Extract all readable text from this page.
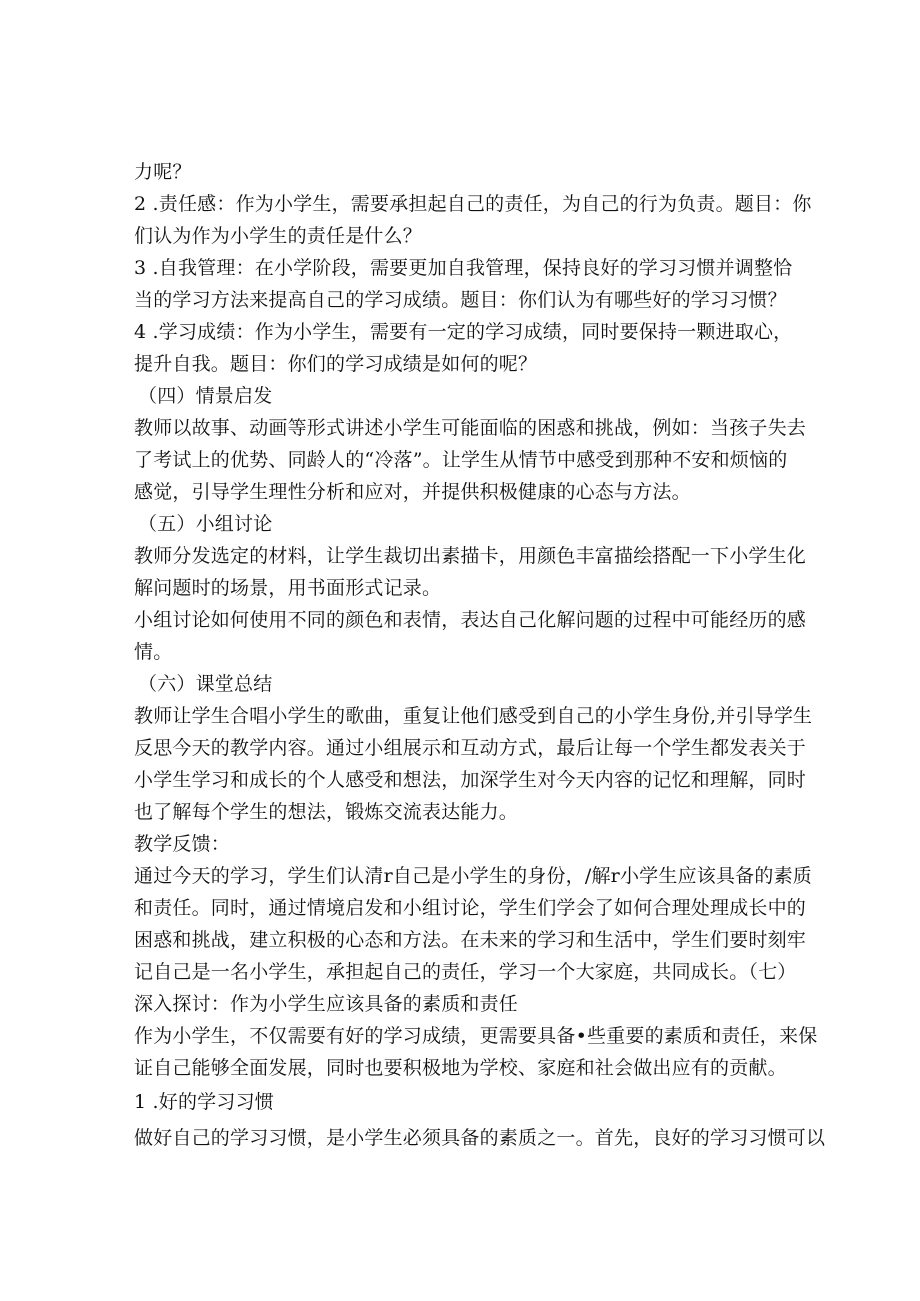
力呢？
2 .责任感：作为小学生，需要承担起自己的责任，为自己的行为负责。题目：你
们认为作为小学生的责任是什么？
3 .自我管理：在小学阶段，需要更加自我管理，保持良好的学习习惯并调整恰
当的学习方法来提高自己的学习成绩。题目：你们认为有哪些好的学习习惯？
4 .学习成绩：作为小学生，需要有一定的学习成绩，同时要保持一颗进取心，
提升自我。题目：你们的学习成绩是如何的呢？
（四）情景启发
教师以故事、动画等形式讲述小学生可能面临的困惑和挑战，例如：当孩子失去
了考试上的优势、同龄人的“冷落”。让学生从情节中感受到那种不安和烦恼的
感觉，引导学生理性分析和应对，并提供积极健康的心态与方法。
（五）小组讨论
教师分发选定的材料，让学生裁切出素描卡，用颜色丰富描绘搭配一下小学生化
解问题时的场景，用书面形式记录。
小组讨论如何使用不同的颜色和表情，表达自己化解问题的过程中可能经历的感
情。
（六）课堂总结
教师让学生合唱小学生的歌曲，重复让他们感受到自己的小学生身份,并引导学生
反思今天的教学内容。通过小组展示和互动方式，最后让每一个学生都发表关于
小学生学习和成长的个人感受和想法，加深学生对今天内容的记忆和理解，同时
也了解每个学生的想法，锻炼交流表达能力。
教学反馈：
通过今天的学习，学生们认清r自己是小学生的身份，/解r小学生应该具备的素质
和责任。同时，通过情境启发和小组讨论，学生们学会了如何合理处理成长中的
困惑和挑战，建立积极的心态和方法。在未来的学习和生活中，学生们要时刻牢
记自己是一名小学生，承担起自己的责任，学习一个大家庭，共同成长。（七）
深入探讨：作为小学生应该具备的素质和责任
作为小学生，不仅需要有好的学习成绩，更需要具备•些重要的素质和责任，来保
证自己能够全面发展，同时也要积极地为学校、家庭和社会做出应有的贡献。
1 .好的学习习惯
做好自己的学习习惯，是小学生必须具备的素质之一。首先，良好的学习习惯可以
